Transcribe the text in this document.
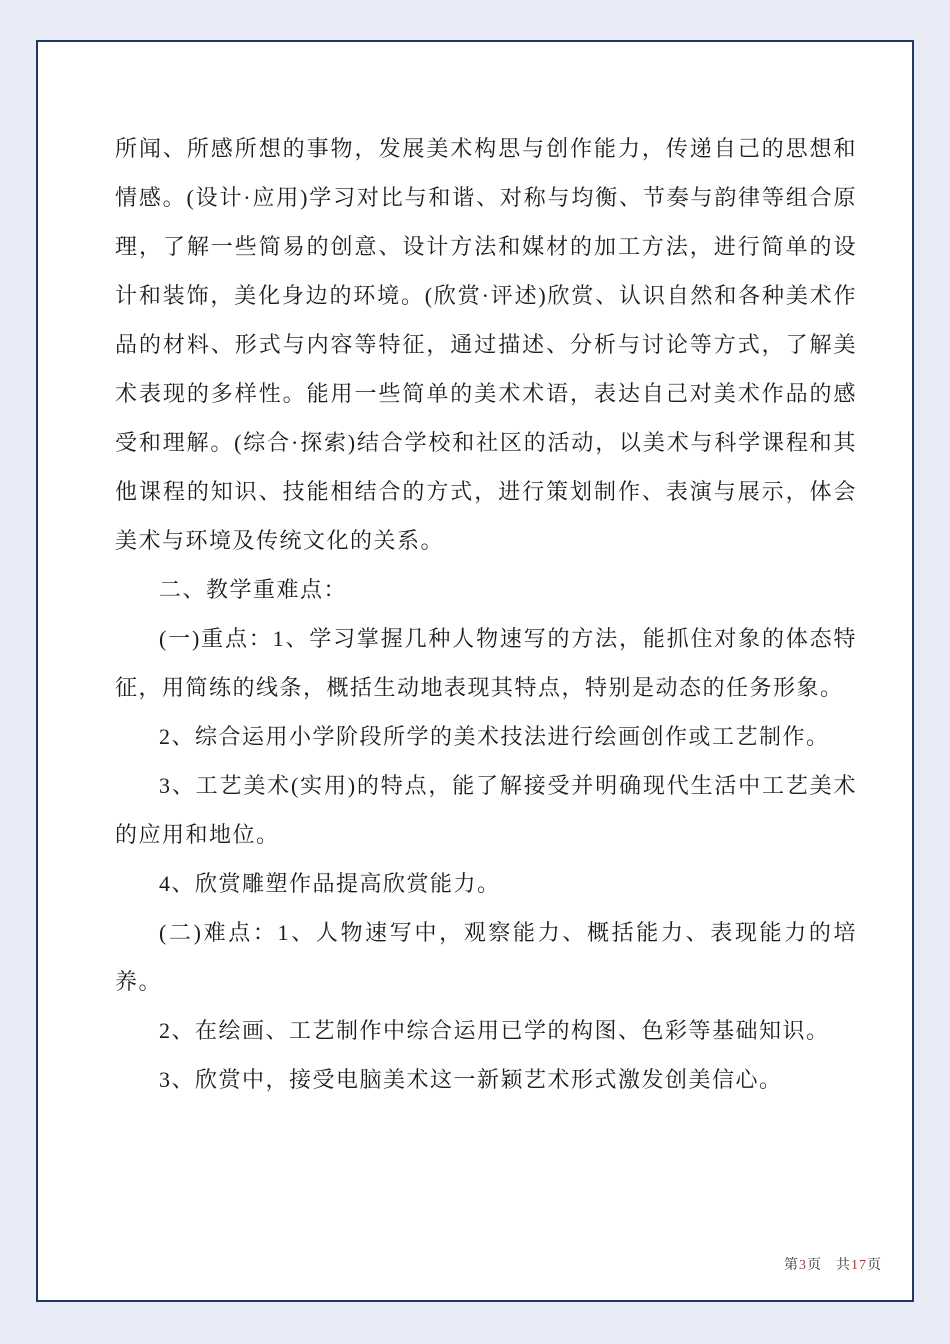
所闻、所感所想的事物，发展美术构思与创作能力，传递自己的思想和情感。(设计·应用)学习对比与和谐、对称与均衡、节奏与韵律等组合原理，了解一些简易的创意、设计方法和媒材的加工方法，进行简单的设计和装饰，美化身边的环境。(欣赏·评述)欣赏、认识自然和各种美术作品的材料、形式与内容等特征，通过描述、分析与讨论等方式，了解美术表现的多样性。能用一些简单的美术术语，表达自己对美术作品的感受和理解。(综合·探索)结合学校和社区的活动，以美术与科学课程和其他课程的知识、技能相结合的方式，进行策划制作、表演与展示，体会美术与环境及传统文化的关系。

二、教学重难点：

(一)重点：1、学习掌握几种人物速写的方法，能抓住对象的体态特征，用简练的线条，概括生动地表现其特点，特别是动态的任务形象。

2、综合运用小学阶段所学的美术技法进行绘画创作或工艺制作。

3、工艺美术(实用)的特点，能了解接受并明确现代生活中工艺美术的应用和地位。

4、欣赏雕塑作品提高欣赏能力。

(二)难点：1、人物速写中，观察能力、概括能力、表现能力的培养。

2、在绘画、工艺制作中综合运用已学的构图、色彩等基础知识。

3、欣赏中，接受电脑美术这一新颖艺术形式激发创美信心。

第3页 共17页
